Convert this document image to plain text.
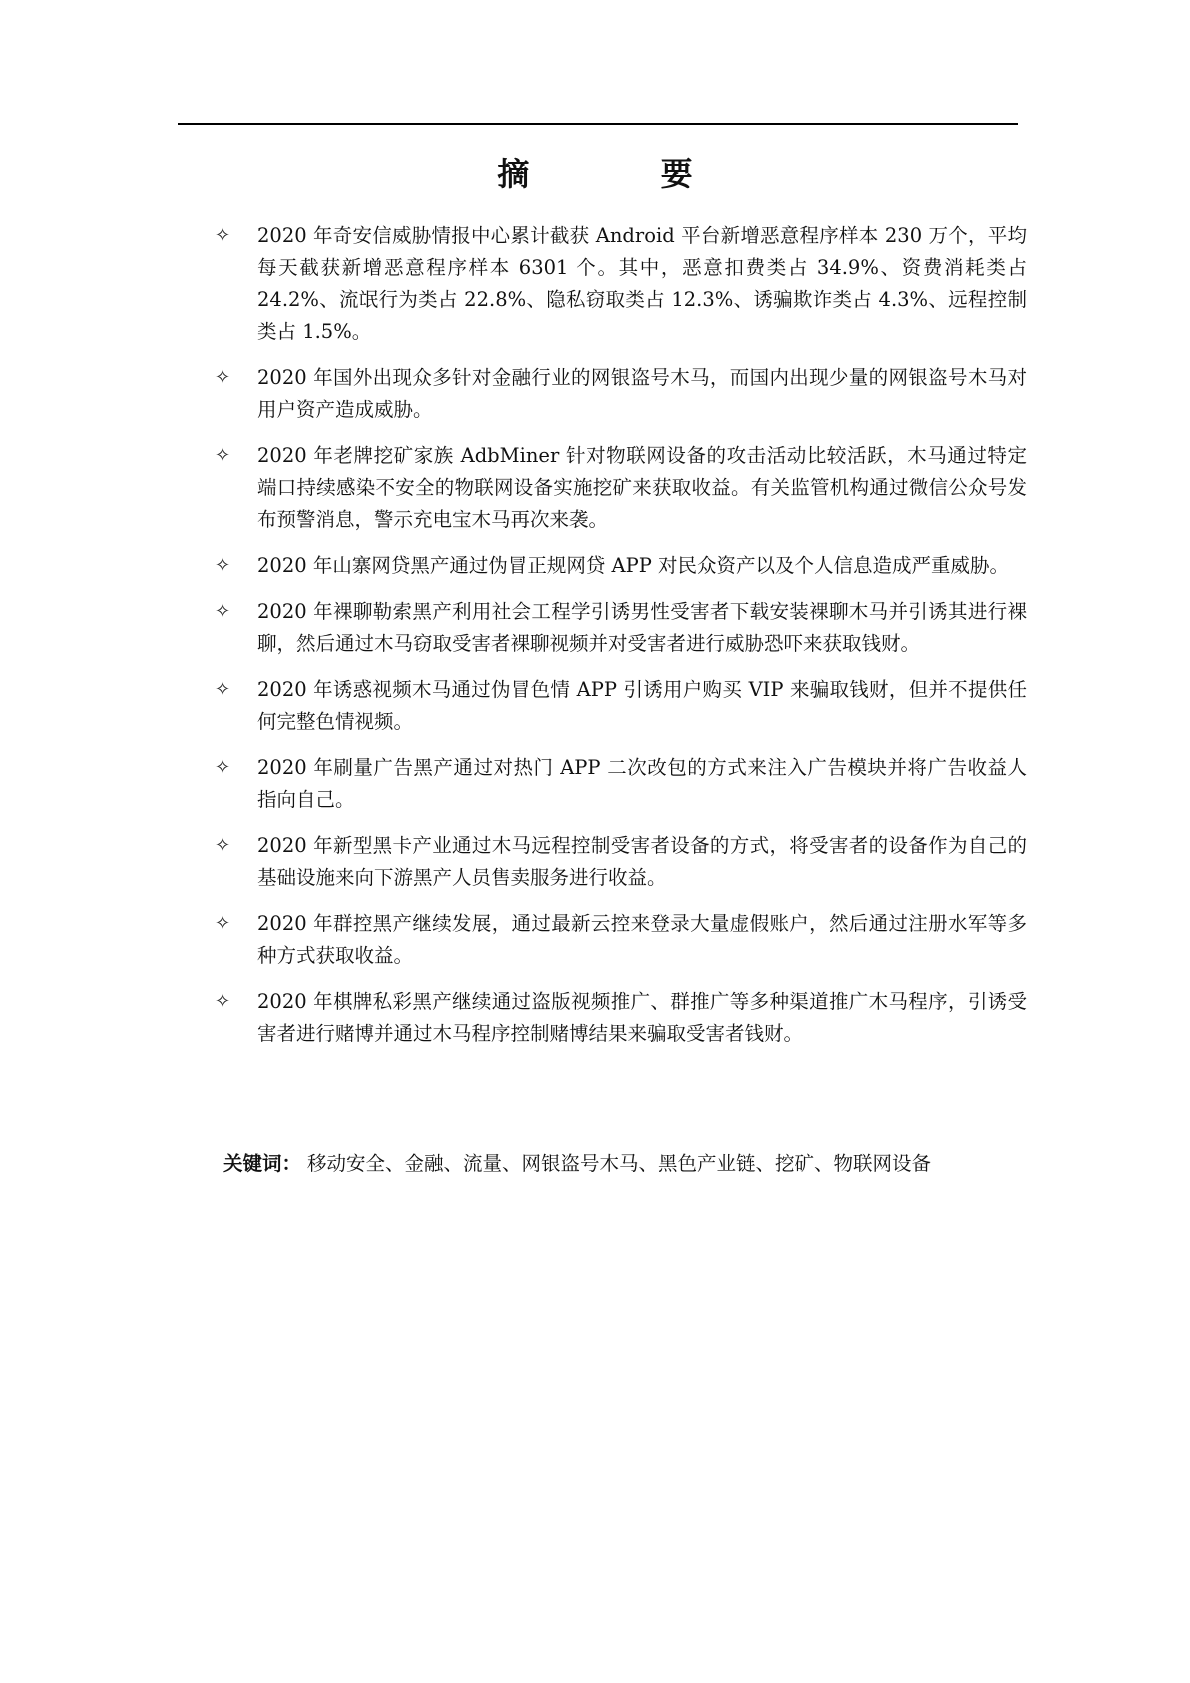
摘 要
✧	2020 年奇安信威胁情报中心累计截获 Android 平台新增恶意程序样本 230 万个，平均每天截获新增恶意程序样本 6301 个。其中，恶意扣费类占 34.9%、资费消耗类占 24.2%、流氓行为类占 22.8%、隐私窃取类占 12.3%、诱骗欺诈类占 4.3%、远程控制类占 1.5%。
✧	2020 年国外出现众多针对金融行业的网银盗号木马，而国内出现少量的网银盗号木马对用户资产造成威胁。
✧	2020 年老牌挖矿家族 AdbMiner 针对物联网设备的攻击活动比较活跃，木马通过特定端口持续感染不安全的物联网设备实施挖矿来获取收益。有关监管机构通过微信公众号发布预警消息，警示充电宝木马再次来袭。
✧	2020 年山寨网贷黑产通过伪冒正规网贷 APP 对民众资产以及个人信息造成严重威胁。
✧	2020 年裸聊勒索黑产利用社会工程学引诱男性受害者下载安装裸聊木马并引诱其进行裸聊，然后通过木马窃取受害者裸聊视频并对受害者进行威胁恐吓来获取钱财。
✧	2020 年诱惑视频木马通过伪冒色情 APP 引诱用户购买 VIP 来骗取钱财，但并不提供任何完整色情视频。
✧	2020 年刷量广告黑产通过对热门 APP 二次改包的方式来注入广告模块并将广告收益人指向自己。
✧	2020 年新型黑卡产业通过木马远程控制受害者设备的方式，将受害者的设备作为自己的基础设施来向下游黑产人员售卖服务进行收益。
✧	2020 年群控黑产继续发展，通过最新云控来登录大量虚假账户，然后通过注册水军等多种方式获取收益。
✧	2020 年棋牌私彩黑产继续通过盗版视频推广、群推广等多种渠道推广木马程序，引诱受害者进行赌博并通过木马程序控制赌博结果来骗取受害者钱财。

关键词： 移动安全、金融、流量、网银盗号木马、黑色产业链、挖矿、物联网设备
